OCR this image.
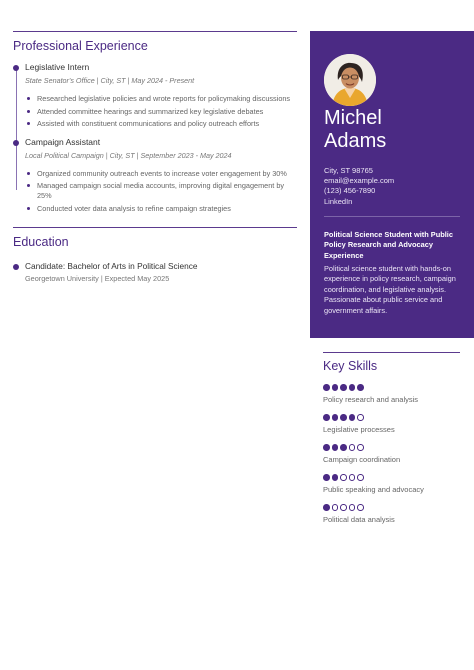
Professional Experience
Legislative Intern
State Senator's Office | City, ST | May 2024 - Present
Researched legislative policies and wrote reports for policymaking discussions
Attended committee hearings and summarized key legislative debates
Assisted with constituent communications and policy outreach efforts
Campaign Assistant
Local Political Campaign | City, ST | September 2023 - May 2024
Organized community outreach events to increase voter engagement by 30%
Managed campaign social media accounts, improving digital engagement by 25%
Conducted voter data analysis to refine campaign strategies
Education
Candidate: Bachelor of Arts in Political Science
Georgetown University | Expected May 2025
Michel
Adams
City, ST 98765
email@example.com
(123) 456-7890
LinkedIn
Political Science Student with Public Policy Research and Advocacy Experience
Political science student with hands-on experience in policy research, campaign coordination, and legislative analysis. Passionate about public service and government affairs.
Key Skills
Policy research and analysis
Legislative processes
Campaign coordination
Public speaking and advocacy
Political data analysis
